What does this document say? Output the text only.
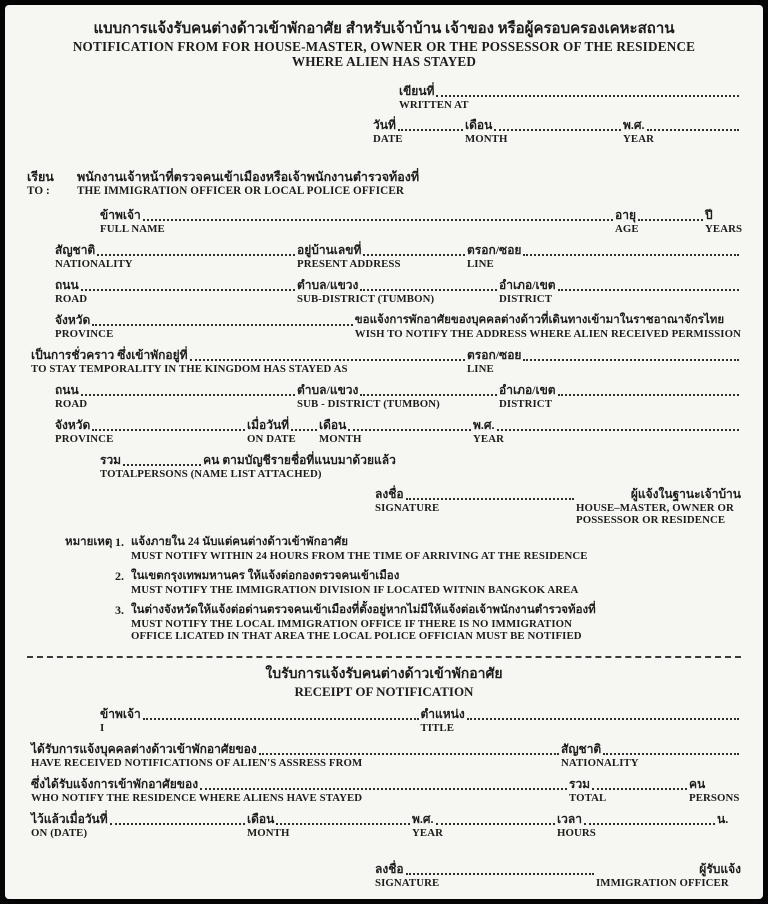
แบบการแจ้งรับคนต่างด้าวเข้าพักอาศัย สำหรับเจ้าบ้าน เจ้าของ หรือผู้ครอบครองเคหะสถาน
NOTIFICATION FROM FOR HOUSE-MASTER, OWNER OR THE POSSESSOR OF THE RESIDENCE
WHERE ALIEN HAS STAYED
เขียนที่
WRITTEN AT
วันที่
DATE
เดือน
MONTH
พ.ศ.
YEAR
เรียน
TO :
พนักงานเจ้าหน้าที่ตรวจคนเข้าเมืองหรือเจ้าพนักงานตำรวจท้องที่
THE IMMIGRATION OFFICER OR LOCAL POLICE OFFICER
ข้าพเจ้า
FULL NAME
อายุ
AGE
ปี
YEARS
สัญชาติ
NATIONALITY
อยู่บ้านเลขที่
PRESENT ADDRESS
ตรอก/ซอย
LINE
ถนน
ROAD
ตำบล/แขวง
SUB-DISTRICT (TUMBON)
อำเภอ/เขต
DISTRICT
จังหวัด
PROVINCE
ขอแจ้งการพักอาศัยของบุคคลต่างด้าวที่เดินทางเข้ามาในราชอาณาจักรไทย
WISH TO NOTIFY THE ADDRESS WHERE ALIEN RECEIVED PERMISSION
เป็นการชั่วคราว ซึ่งเข้าพักอยู่ที่
TO STAY TEMPORALITY IN THE KINGDOM HAS STAYED AS
ตรอก/ซอย
LINE
ถนน
ROAD
ตำบล/แขวง
SUB - DISTRICT (TUMBON)
อำเภอ/เขต
DISTRICT
จังหวัด
PROVINCE
เมื่อวันที่
ON DATE
เดือน
MONTH
พ.ศ.
YEAR
รวม	คน ตามบัญชีรายชื่อที่แนบมาด้วยแล้ว
TOTALPERSONS (NAME LIST ATTACHED)
ลงชื่อ
SIGNATURE
ผู้แจ้งในฐานะเจ้าบ้าน
HOUSE–MASTER, OWNER OR
POSSESSOR OR RESIDENCE
หมายเหตุ 1. แจ้งภายใน 24 นับแต่คนต่างด้าวเข้าพักอาศัย
MUST NOTIFY WITHIN 24 HOURS FROM THE TIME OF ARRIVING AT THE RESIDENCE
2. ในเขตกรุงเทพมหานคร ให้แจ้งต่อกองตรวจคนเข้าเมือง
MUST NOTIFY THE IMMIGRATION DIVISION IF LOCATED WITNIN BANGKOK AREA
3. ในต่างจังหวัดให้แจ้งต่อด่านตรวจคนเข้าเมืองที่ตั้งอยู่หากไม่มีให้แจ้งต่อเจ้าพนักงานตำรวจท้องที่
MUST NOTIFY THE LOCAL IMMIGRATION OFFICE IF THERE IS NO IMMIGRATION
OFFICE LICATED IN THAT AREA THE LOCAL POLICE OFFICIAN MUST BE NOTIFIED
ใบรับการแจ้งรับคนต่างด้าวเข้าพักอาศัย
RECEIPT OF NOTIFICATION
ข้าพเจ้า
I
ตำแหน่ง
TITLE
ได้รับการแจ้งบุคคลต่างด้าวเข้าพักอาศัยของ
HAVE RECEIVED NOTIFICATIONS OF ALIEN'S ASSRESS FROM
สัญชาติ
NATIONALITY
ซึ่งได้รับแจ้งการเข้าพักอาศัยของ
WHO NOTIFY THE RESIDENCE WHERE ALIENS HAVE STAYED
รวม
TOTAL
คน
PERSONS
ไว้แล้วเมื่อวันที่
ON (DATE)
เดือน
MONTH
พ.ศ.
YEAR
เวลา
HOURS
น.
ลงชื่อ
SIGNATURE
ผู้รับแจ้ง
IMMIGRATION OFFICER
